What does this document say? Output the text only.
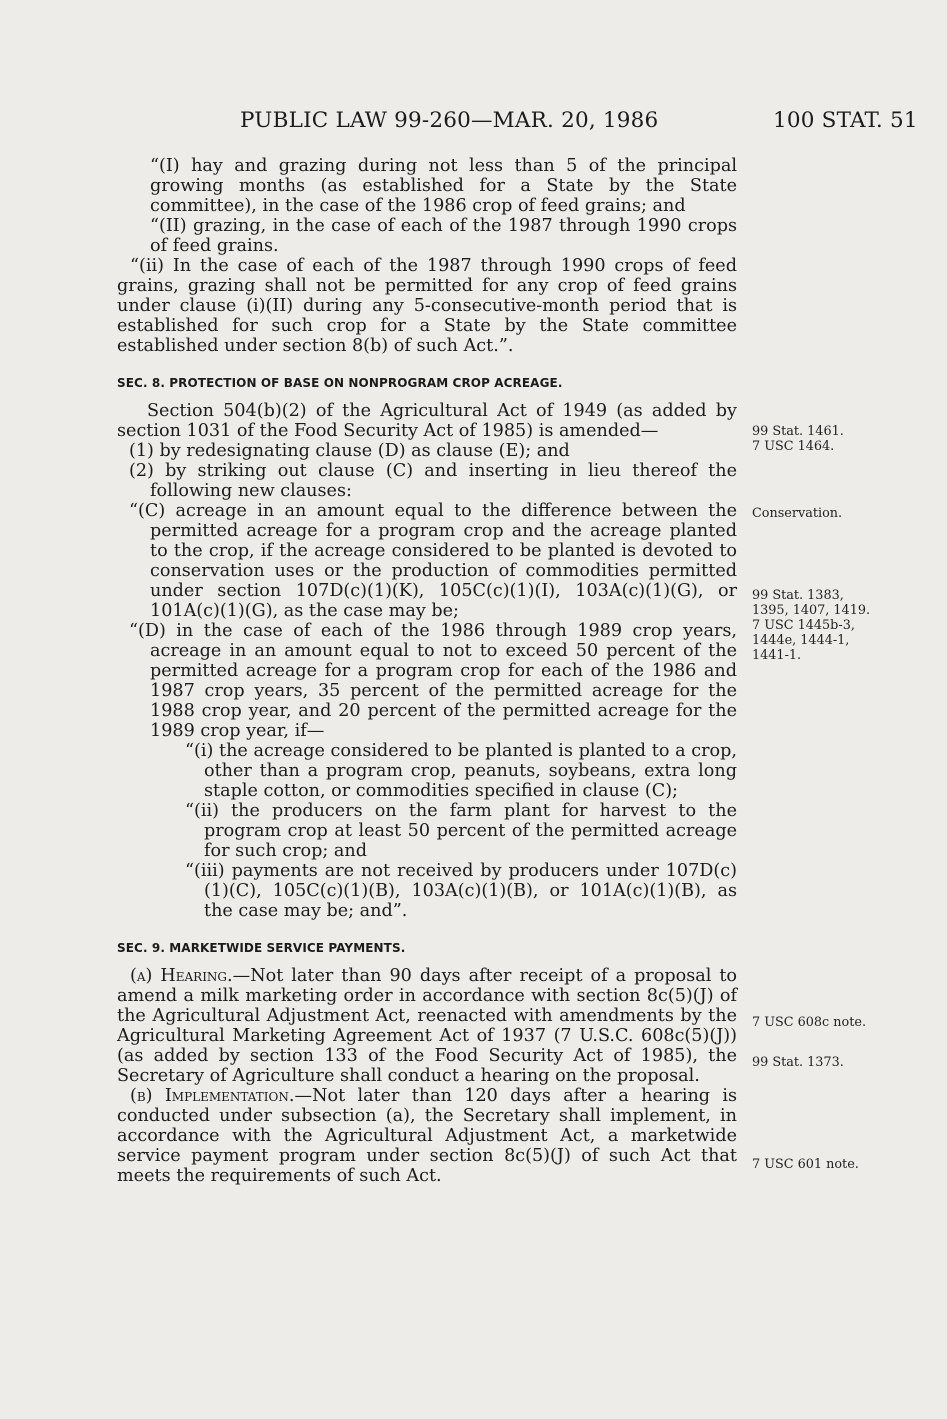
PUBLIC LAW 99-260—MAR. 20, 1986	100 STAT. 51

“(I) hay and grazing during not less than 5 of the principal growing months (as established for a State by the State committee), in the case of the 1986 crop of feed grains; and

“(II) grazing, in the case of each of the 1987 through 1990 crops of feed grains.

“(ii) In the case of each of the 1987 through 1990 crops of feed grains, grazing shall not be permitted for any crop of feed grains under clause (i)(II) during any 5-consecutive-month period that is established for such crop for a State by the State committee established under section 8(b) of such Act.”.

SEC. 8. PROTECTION OF BASE ON NONPROGRAM CROP ACREAGE.

Section 504(b)(2) of the Agricultural Act of 1949 (as added by section 1031 of the Food Security Act of 1985) is amended—

(1) by redesignating clause (D) as clause (E); and

(2) by striking out clause (C) and inserting in lieu thereof the following new clauses:

“(C) acreage in an amount equal to the difference between the permitted acreage for a program crop and the acreage planted to the crop, if the acreage considered to be planted is devoted to conservation uses or the production of commodities permitted under section 107D(c)(1)(K), 105C(c)(1)(I), 103A(c)(1)(G), or 101A(c)(1)(G), as the case may be;

“(D) in the case of each of the 1986 through 1989 crop years, acreage in an amount equal to not to exceed 50 percent of the permitted acreage for a program crop for each of the 1986 and 1987 crop years, 35 percent of the permitted acreage for the 1988 crop year, and 20 percent of the permitted acreage for the 1989 crop year, if—

“(i) the acreage considered to be planted is planted to a crop, other than a program crop, peanuts, soybeans, extra long staple cotton, or commodities specified in clause (C);

“(ii) the producers on the farm plant for harvest to the program crop at least 50 percent of the permitted acreage for such crop; and

“(iii) payments are not received by producers under 107D(c)(1)(C), 105C(c)(1)(B), 103A(c)(1)(B), or 101A(c)(1)(B), as the case may be; and”.

SEC. 9. MARKETWIDE SERVICE PAYMENTS.

(a) Hearing.—Not later than 90 days after receipt of a proposal to amend a milk marketing order in accordance with section 8c(5)(J) of the Agricultural Adjustment Act, reenacted with amendments by the Agricultural Marketing Agreement Act of 1937 (7 U.S.C. 608c(5)(J)) (as added by section 133 of the Food Security Act of 1985), the Secretary of Agriculture shall conduct a hearing on the proposal.

(b) Implementation.—Not later than 120 days after a hearing is conducted under subsection (a), the Secretary shall implement, in accordance with the Agricultural Adjustment Act, a marketwide service payment program under section 8c(5)(J) of such Act that meets the requirements of such Act.

99 Stat. 1461.
7 USC 1464.
Conservation.
99 Stat. 1383,
1395, 1407, 1419.
7 USC 1445b-3,
1444e, 1444-1,
1441-1.
7 USC 608c note.
99 Stat. 1373.
7 USC 601 note.
